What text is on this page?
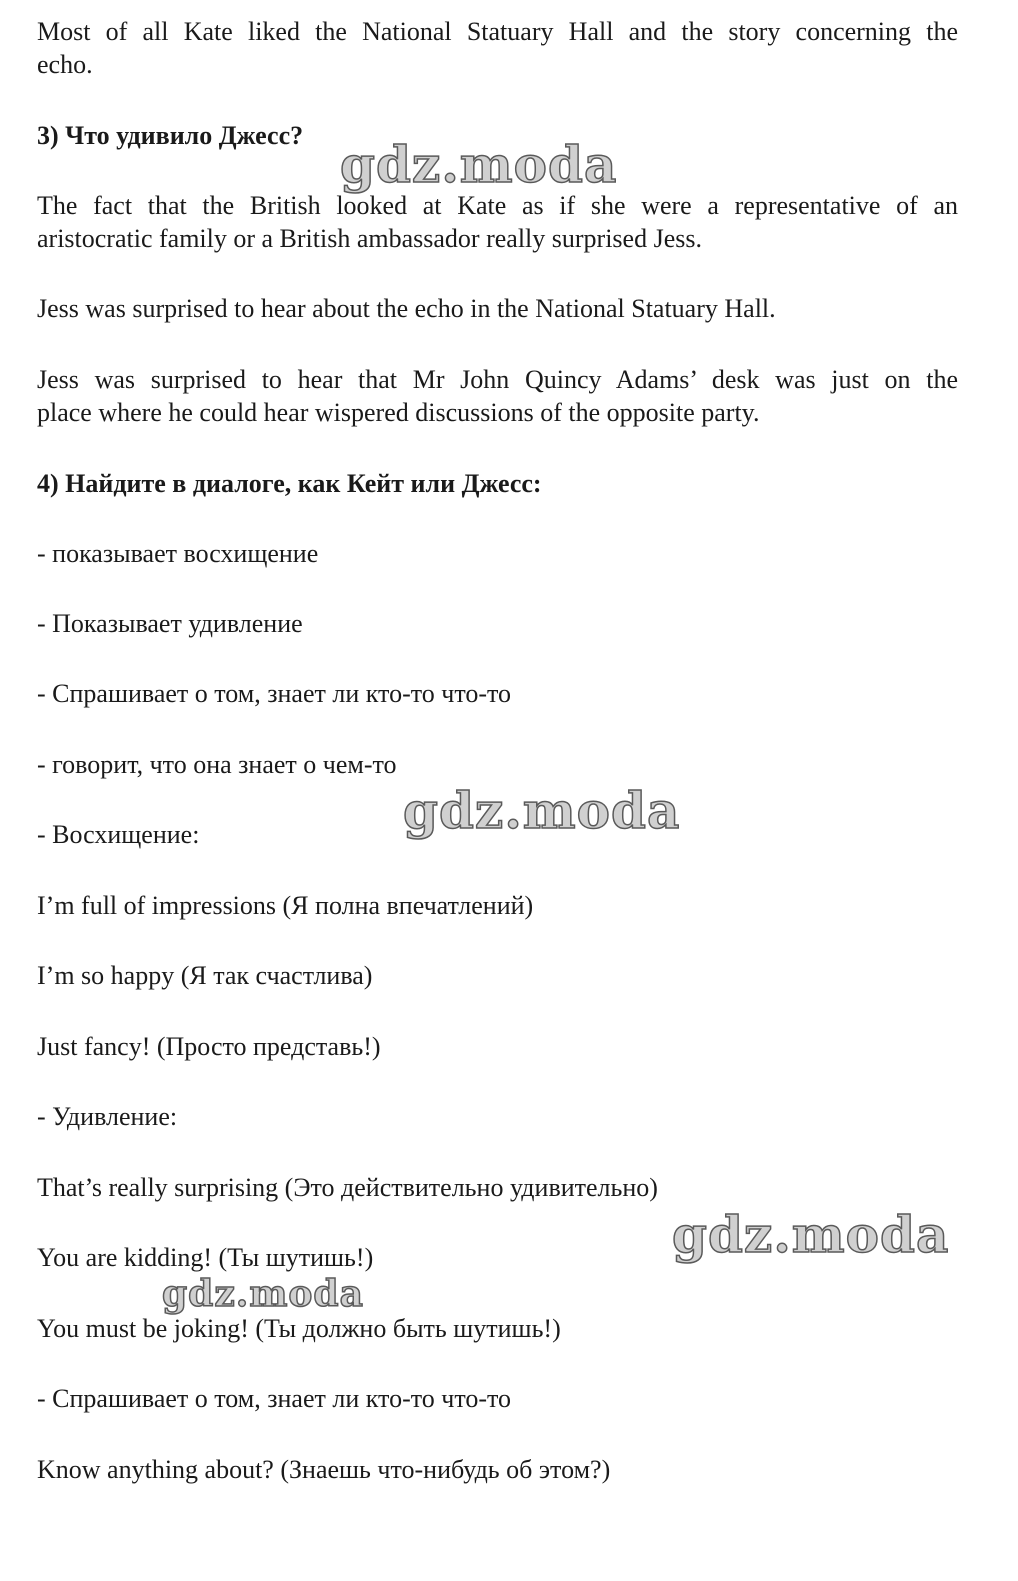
Most of all Kate liked the National Statuary Hall and the story concerning the
echo.
3) Что удивило Джесс?
The fact that the British looked at Kate as if she were a representative of an
aristocratic family or a British ambassador really surprised Jess.
Jess was surprised to hear about the echo in the National Statuary Hall.
Jess was surprised to hear that Mr John Quincy Adams’ desk was just on the
place where he could hear wispered discussions of the opposite party.
4) Найдите в диалоге, как Кейт или Джесс:
- показывает восхищение
- Показывает удивление
- Спрашивает о том, знает ли кто-то что-то
- говорит, что она знает о чем-то
- Восхищение:
I’m full of impressions (Я полна впечатлений)
I’m so happy (Я так счастлива)
Just fancy! (Просто представь!)
- Удивление:
That’s really surprising (Это действительно удивительно)
You are kidding! (Ты шутишь!)
You must be joking! (Ты должно быть шутишь!)
- Спрашивает о том, знает ли кто-то что-то
Know anything about? (Знаешь что-нибудь об этом?)
gdz.moda
gdz.moda
gdz.moda
gdz.moda
